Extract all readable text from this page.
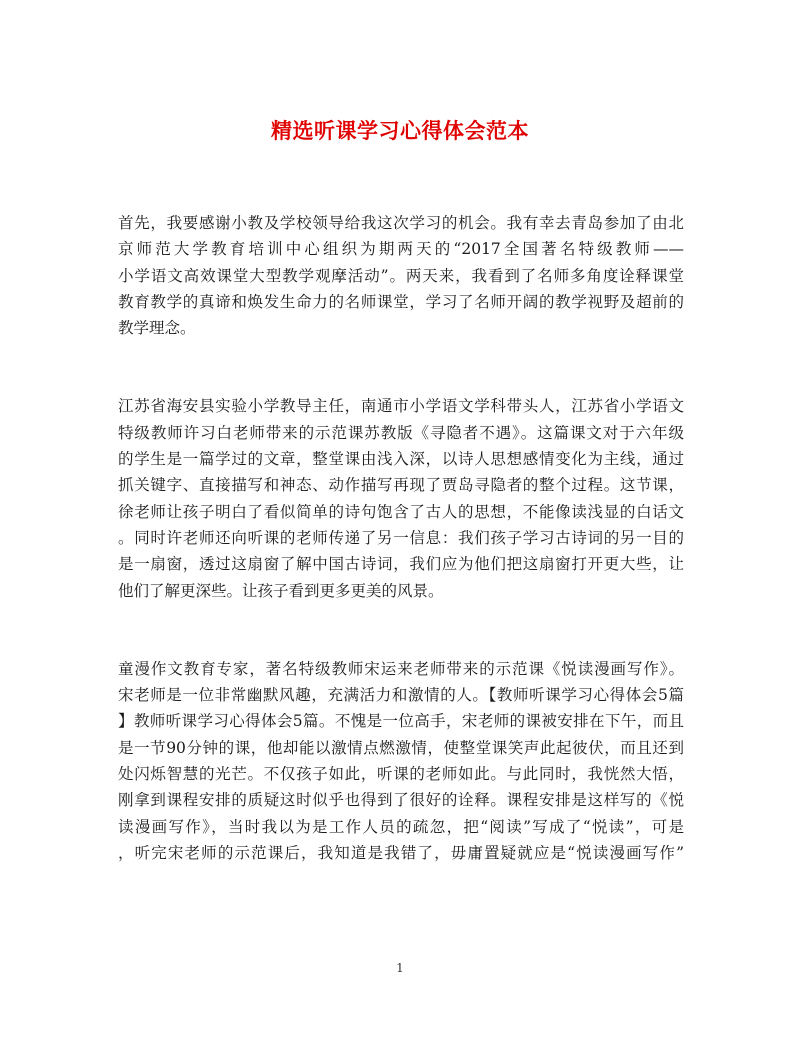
精选听课学习心得体会范本

首先，我要感谢小教及学校领导给我这次学习的机会。我有幸去青岛参加了由北
京师范大学教育培训中心组织为期两天的“2017全国著名特级教师——
小学语文高效课堂大型教学观摩活动”。两天来，我看到了名师多角度诠释课堂
教育教学的真谛和焕发生命力的名师课堂，学习了名师开阔的教学视野及超前的
教学理念。

江苏省海安县实验小学教导主任，南通市小学语文学科带头人，江苏省小学语文
特级教师许习白老师带来的示范课苏教版《寻隐者不遇》。这篇课文对于六年级
的学生是一篇学过的文章，整堂课由浅入深，以诗人思想感情变化为主线，通过
抓关键字、直接描写和神态、动作描写再现了贾岛寻隐者的整个过程。这节课，
徐老师让孩子明白了看似简单的诗句饱含了古人的思想，不能像读浅显的白话文
。同时许老师还向听课的老师传递了另一信息：我们孩子学习古诗词的另一目的
是一扇窗，透过这扇窗了解中国古诗词，我们应为他们把这扇窗打开更大些，让
他们了解更深些。让孩子看到更多更美的风景。

童漫作文教育专家，著名特级教师宋运来老师带来的示范课《悦读漫画写作》。
宋老师是一位非常幽默风趣，充满活力和激情的人。【教师听课学习心得体会5篇
】教师听课学习心得体会5篇。不愧是一位高手，宋老师的课被安排在下午，而且
是一节90分钟的课，他却能以激情点燃激情，使整堂课笑声此起彼伏，而且还到
处闪烁智慧的光芒。不仅孩子如此，听课的老师如此。与此同时，我恍然大悟，
刚拿到课程安排的质疑这时似乎也得到了很好的诠释。课程安排是这样写的《悦
读漫画写作》，当时我以为是工作人员的疏忽，把“阅读”写成了“悦读”，可是
，听完宋老师的示范课后，我知道是我错了，毋庸置疑就应是“悦读漫画写作”

1
